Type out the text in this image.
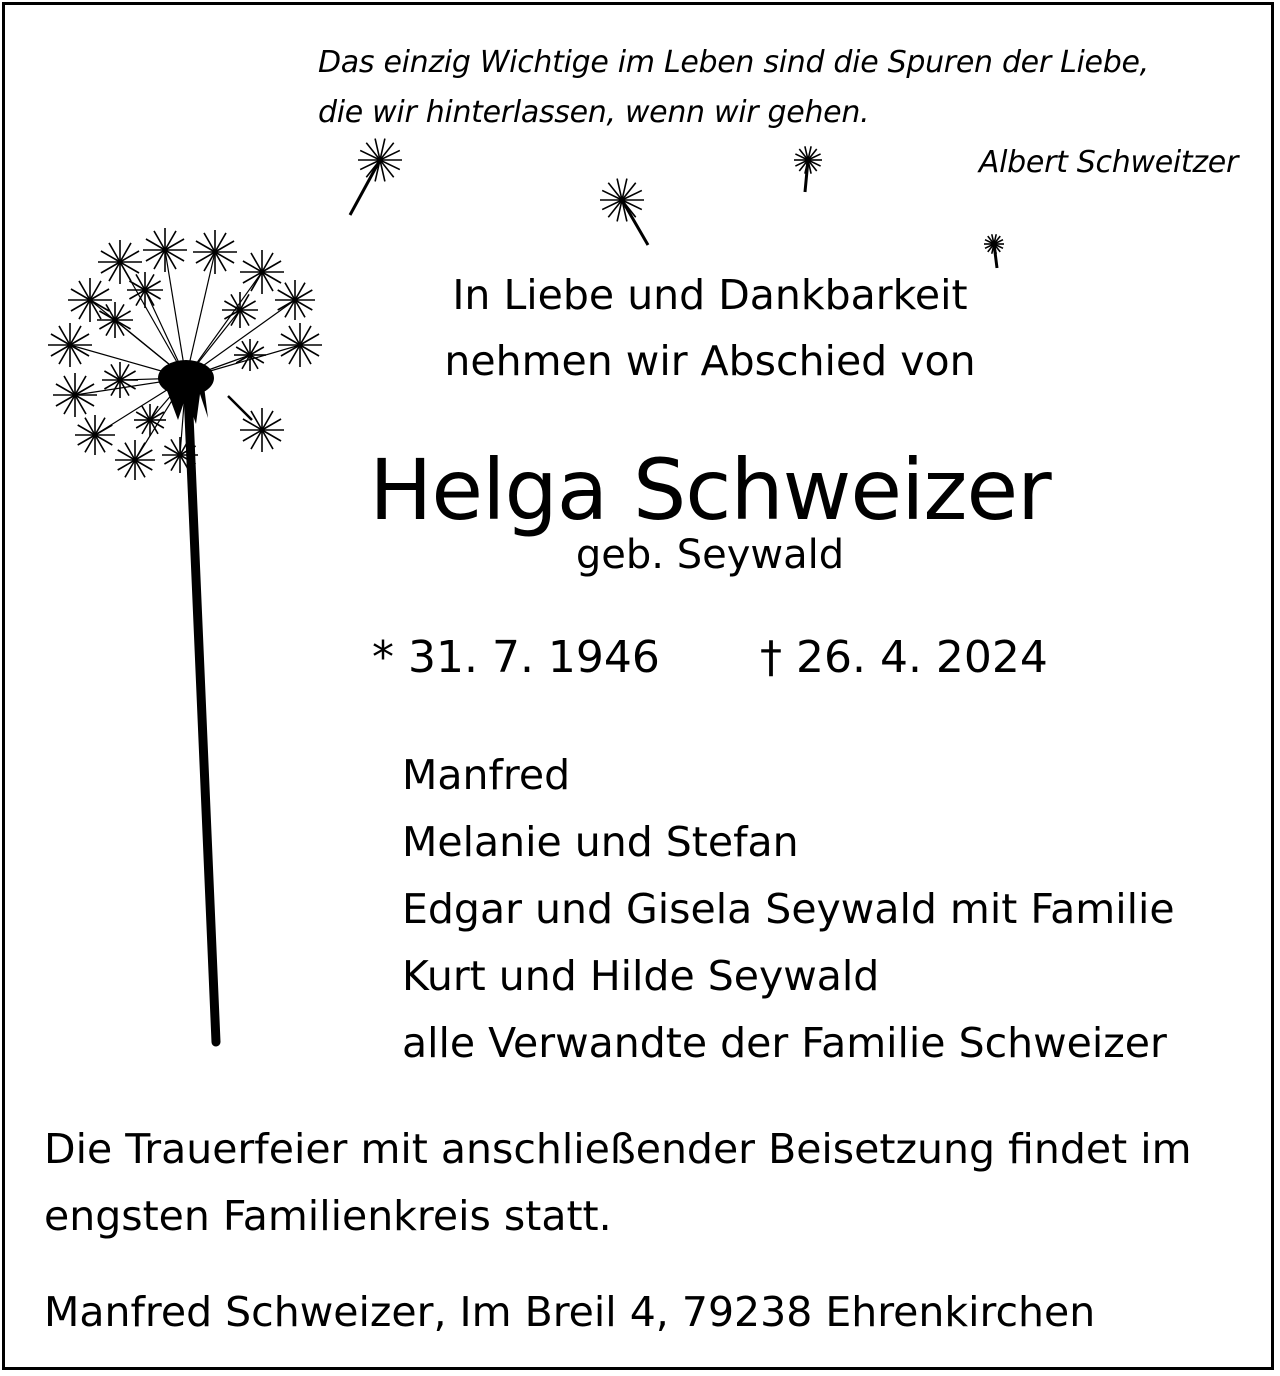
Das einzig Wichtige im Leben sind die Spuren der Liebe,
die wir hinterlassen, wenn wir gehen.
Albert Schweitzer
In Liebe und Dankbarkeit
nehmen wir Abschied von
Helga Schweizer
geb. Seywald
* 31. 7. 1946 † 26. 4. 2024
Manfred
Melanie und Stefan
Edgar und Gisela Seywald mit Familie
Kurt und Hilde Seywald
alle Verwandte der Familie Schweizer
Die Trauerfeier mit anschließender Beisetzung findet im
engsten Familienkreis statt.
Manfred Schweizer, Im Breil 4, 79238 Ehrenkirchen
